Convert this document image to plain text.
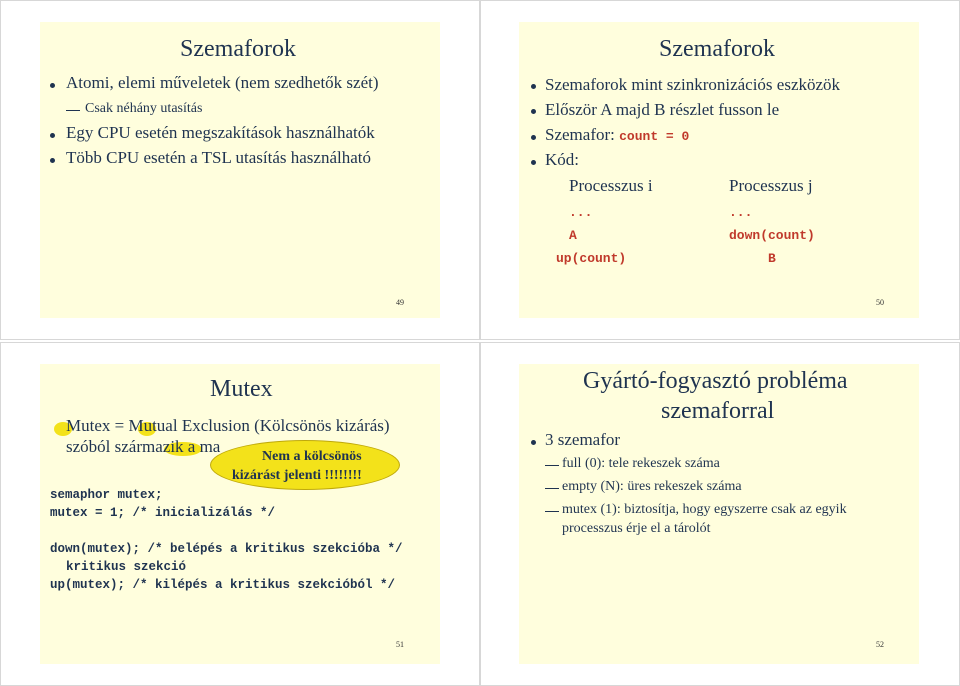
Szemaforok
Atomi, elemi műveletek (nem szedhetők szét)
Csak néhány utasítás
Egy CPU esetén megszakítások használhatók
Több CPU esetén a TSL utasítás használható
49
Szemaforok
Szemaforok mint szinkronizációs eszközök
Először A majd B részlet fusson le
Szemafor: count = 0
Kód:
Processzus i	Processzus j
...
A
up(count)
...
down(count)
B
50
Mutex
Mutex = Mutual Exclusion (Kölcsönös kizárás)
szóból származik a ma
Nem a kölcsönös
kizárást jelenti !!!!!!!!
semaphor mutex;
mutex = 1; /* inicializálás */
down(mutex); /* belépés a kritikus szekcióba */
kritikus szekció
up(mutex); /* kilépés a kritikus szekcióból */
51
Gyártó-fogyasztó probléma
szemaforral
3 szemafor
full (0): tele rekeszek száma
empty (N): üres rekeszek száma
mutex (1): biztosítja, hogy egyszerre csak az egyik
processzus érje el a tárolót
52
